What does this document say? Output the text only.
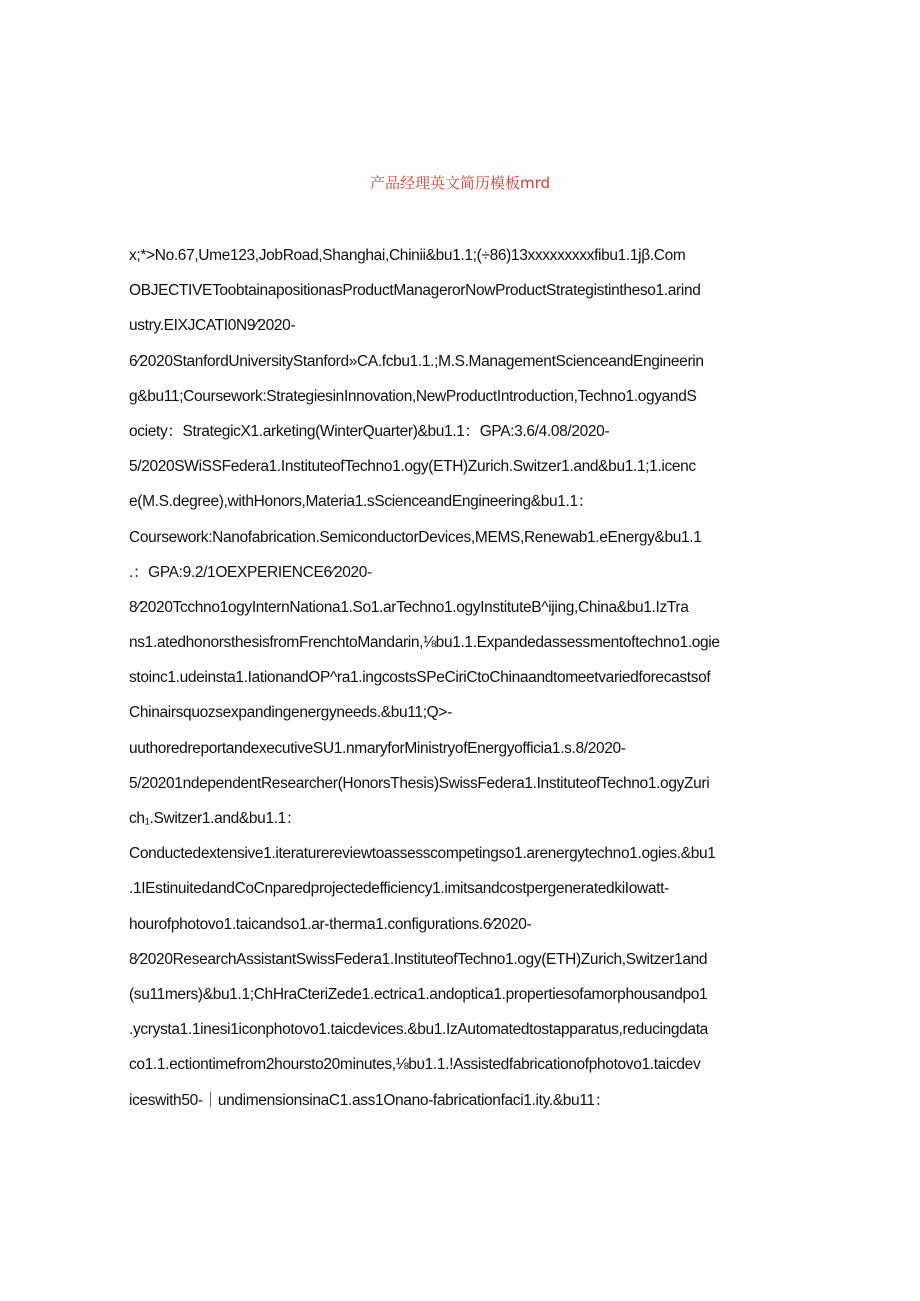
产品经理英文简历模板mrd
x;*>No.67,Ume123,JobRoad,Shanghai,Chinii&bu1.1;(÷86)13xxxxxxxxxfibu1.1jβ.Com
OBJECTIVEToobtainapositionasProductManagerorNowProductStrategistintheso1.arind
ustry.EIXJCATI0N9⁄2020-
6⁄2020StanfordUniversityStanford»CA.fcbu1.1.;M.S.ManagementScienceandEngineerin
g&bu11;Coursework:StrategiesinInnovation,NewProductIntroduction,Techno1.ogyandS
ociety：StrategicX1.arketing(WinterQuarter)&bu1.1：GPA:3.6/4.08/2020-
5/2020SWiSSFedera1.InstituteofTechno1.ogy(ETH)Zurich.Switzer1.and&bu1.1;1.icenc
e(M.S.degree),withHonors,Materia1.sScienceandEngineering&bu1.1：
Coursework:Nanofabrication.SemiconductorDevices,MEMS,Renewab1.eEnergy&bu1.1
.：GPA:9.2/1OEXPERIENCE6⁄2020-
8⁄2020Tcchno1ogyInternNationa1.So1.arTechno1.ogyInstituteB^ijing,China&bu1.IzTra
ns1.atedhonorsthesisfromFrenchtoMandarin,⅛bu1.1.Expandedassessmentoftechno1.ogie
stoinc1.udeinsta1.IationandOP^ra1.ingcostsSPeCiriCtoChinaandtomeetvariedforecastsof
Chinairsquozsexpandingenergyneeds.&bu11;Q>-
uuthoredreportandexecutiveSU1.nmaryforMinistryofEnergyofficia1.s.8/2020-
5/20201ndependentResearcher(HonorsThesis)SwissFedera1.InstituteofTechno1.ogyZuri
ch₁.Switzer1.and&bu1.1：
Conductedextensive1.iteraturereviewtoassesscompetingso1.arenergytechno1.ogies.&bu1
.1IEstinuitedandCoCnparedprojectedefficiency1.imitsandcostpergeneratedkiIowatt-
hourofphotovo1.taicandso1.ar-therma1.configυrations.6⁄2020-
8⁄2020ResearchAssistantSwissFedera1.InstituteofTechno1.ogy(ETH)Zurich,Switzer1and
(su11mers)&bu1.1;ChHraCteriZede1.ectrica1.andoptica1.propertiesofamorphousandpo1
.ycrysta1.1inesi1iconphotovo1.taicdevices.&bu1.IzAutomatedtostapparatus,reducingdata
co1.1.ectiontimefrom2hoursto20minutes,⅛bυ1.1.!Assistedfabricationofphotovo1.taicdev
iceswith50-｜undimensionsinaC1.ass1Onano-fabricationfaci1.ity.&bu11：
